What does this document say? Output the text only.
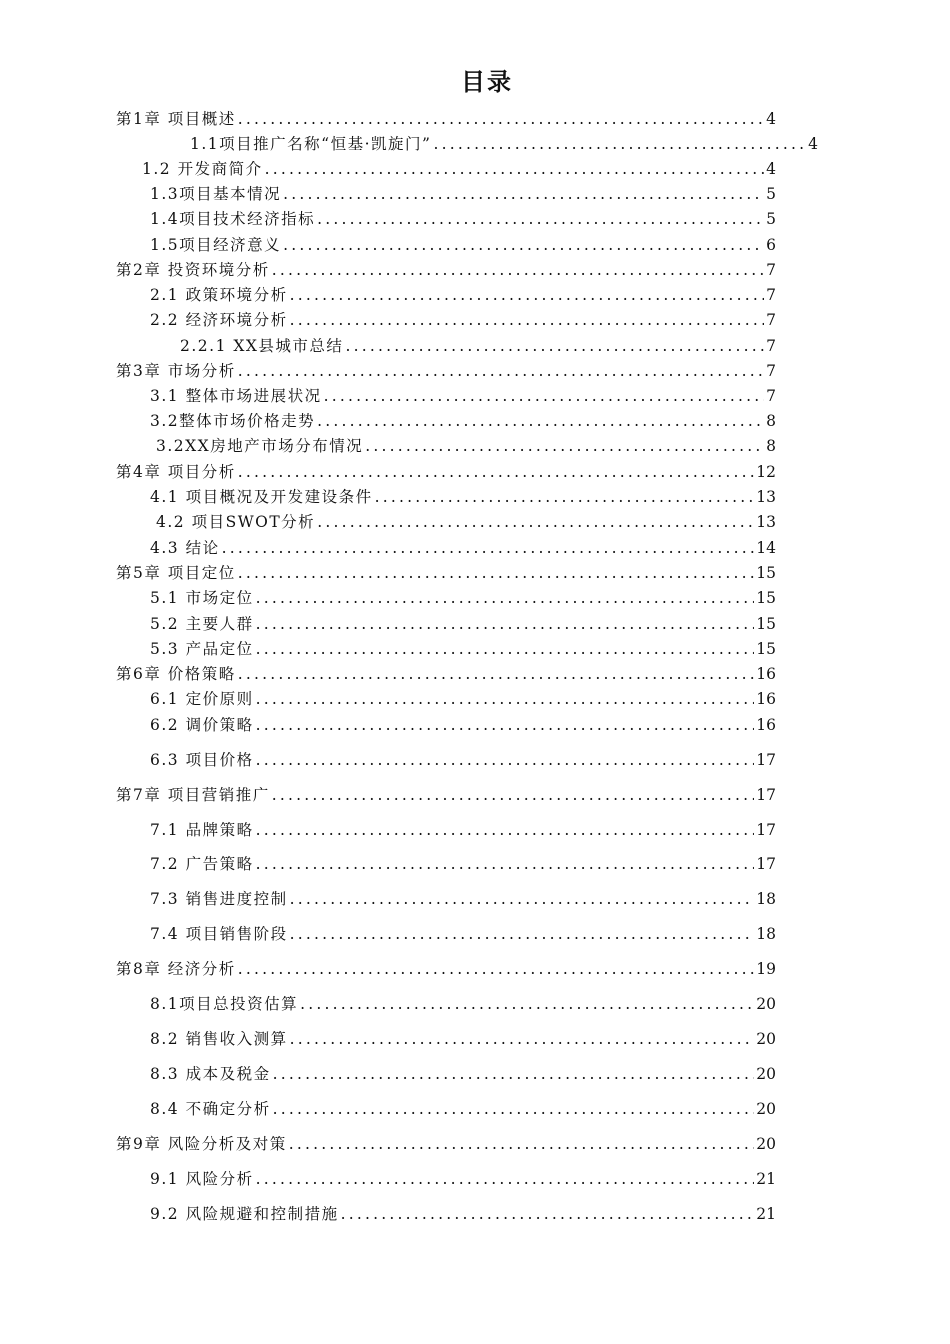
目录
第1章 项目概述 .....	4
1.1项目推广名称“恒基·凯旋门” .....	4
1.2 开发商简介 .....	4
1.3项目基本情况 .....	5
1.4项目技术经济指标 .....	5
1.5项目经济意义 .....	6
第2章 投资环境分析 .....	7
2.1 政策环境分析 .....	7
2.2 经济环境分析 .....	7
2.2.1 XX县城市总结 .....	7
第3章 市场分析 .....	7
3.1 整体市场进展状况 .....	7
3.2整体市场价格走势 .....	8
3.2XX房地产市场分布情况 .....	8
第4章 项目分析 .....	12
4.1 项目概况及开发建设条件 .....	13
4.2 项目SWOT分析 .....	13
4.3 结论 .....	14
第5章 项目定位 .....	15
5.1 市场定位 .....	15
5.2 主要人群 .....	15
5.3 产品定位 .....	15
第6章 价格策略 .....	16
6.1 定价原则 .....	16
6.2 调价策略 .....	16
6.3 项目价格 .....	17
第7章 项目营销推广 .....	17
7.1 品牌策略 .....	17
7.2 广告策略 .....	17
7.3 销售进度控制 .....	18
7.4 项目销售阶段 .....	18
第8章 经济分析 .....	19
8.1项目总投资估算 .....	20
8.2 销售收入测算 .....	20
8.3 成本及税金 .....	20
8.4 不确定分析 .....	20
第9章 风险分析及对策 .....	20
9.1 风险分析 .....	21
9.2 风险规避和控制措施 .....	21
